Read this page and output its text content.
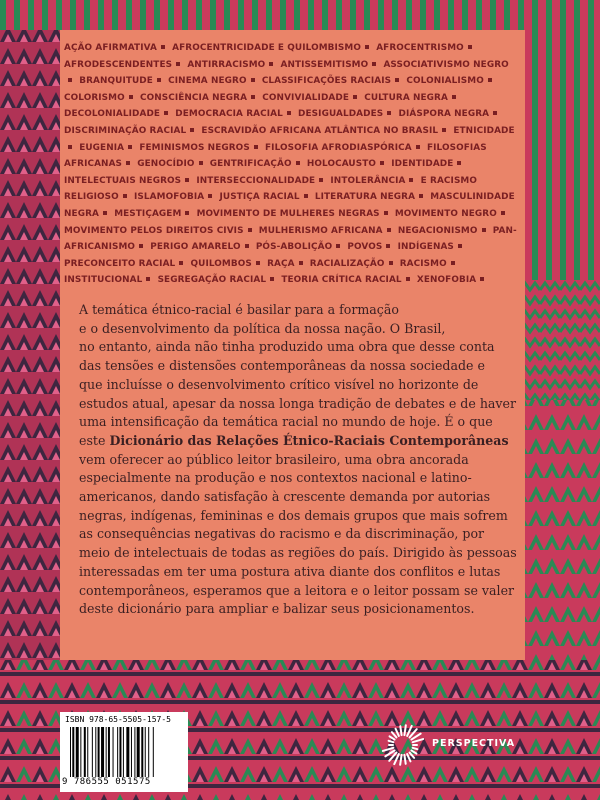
AÇÃO AFIRMATIVA AFROCENTRICIDADE E QUILOMBISMO AFROCENTRISMO AFRODESCENDENTES ANTIRRACISMO ANTISSEMITISMO ASSOCIATIVISMO NEGRO BRANQUITUDE CINEMA NEGRO CLASSIFICAÇÕES RACIAIS COLONIALISMO COLORISMO CONSCIÊNCIA NEGRA CONVIVIALIDADE CULTURA NEGRA DECOLONIALIDADE DEMOCRACIA RACIAL DESIGUALDADES DIÁSPORA NEGRA DISCRIMINAÇÃO RACIAL ESCRAVIDÃO AFRICANA ATLÂNTICA NO BRASIL ETNICIDADE EUGENIA FEMINISMOS NEGROS FILOSOFIA AFRODIASPÓRICA FILOSOFIAS AFRICANAS GENOCÍDIO GENTRIFICAÇÃO HOLOCAUSTO IDENTIDADE INTELECTUAIS NEGROS INTERSECCIONALIDADE INTOLERÂNCIA E RACISMO RELIGIOSO ISLAMOFOBIA JUSTIÇA RACIAL LITERATURA NEGRA MASCULINIDADE NEGRA MESTIÇAGEM MOVIMENTO DE MULHERES NEGRAS MOVIMENTO NEGRO MOVIMENTO PELOS DIREITOS CIVIS MULHERISMO AFRICANA NEGACIONISMO PAN-AFRICANISMO PERIGO AMARELO PÓS-ABOLIÇÃO POVOS INDÍGENAS PRECONCEITO RACIAL QUILOMBOS RAÇA RACIALIZAÇÃO RACISMO INSTITUCIONAL SEGREGAÇÃO RACIAL TEORIA CRÍTICA RACIAL XENOFOBIA
A temática étnico-racial é basilar para a formação
e o desenvolvimento da política da nossa nação. O Brasil,
no entanto, ainda não tinha produzido uma obra que desse conta
das tensões e distensões contemporâneas da nossa sociedade e
que incluísse o desenvolvimento crítico visível no horizonte de
estudos atual, apesar da nossa longa tradição de debates e de haver
uma intensificação da temática racial no mundo de hoje. É o que
este Dicionário das Relações Étnico-Raciais Contemporâneas
vem oferecer ao público leitor brasileiro, uma obra ancorada
especialmente na produção e nos contextos nacional e latino-
americanos, dando satisfação à crescente demanda por autorias
negras, indígenas, femininas e dos demais grupos que mais sofrem
as consequências negativas do racismo e da discriminação, por
meio de intelectuais de todas as regiões do país. Dirigido às pessoas
interessadas em ter uma postura ativa diante dos conflitos e lutas
contemporâneos, esperamos que a leitora e o leitor possam se valer
deste dicionário para ampliar e balizar seus posicionamentos.
ISBN 978-65-5505-157-5
9 786555 051575
PERSPECTIVA
